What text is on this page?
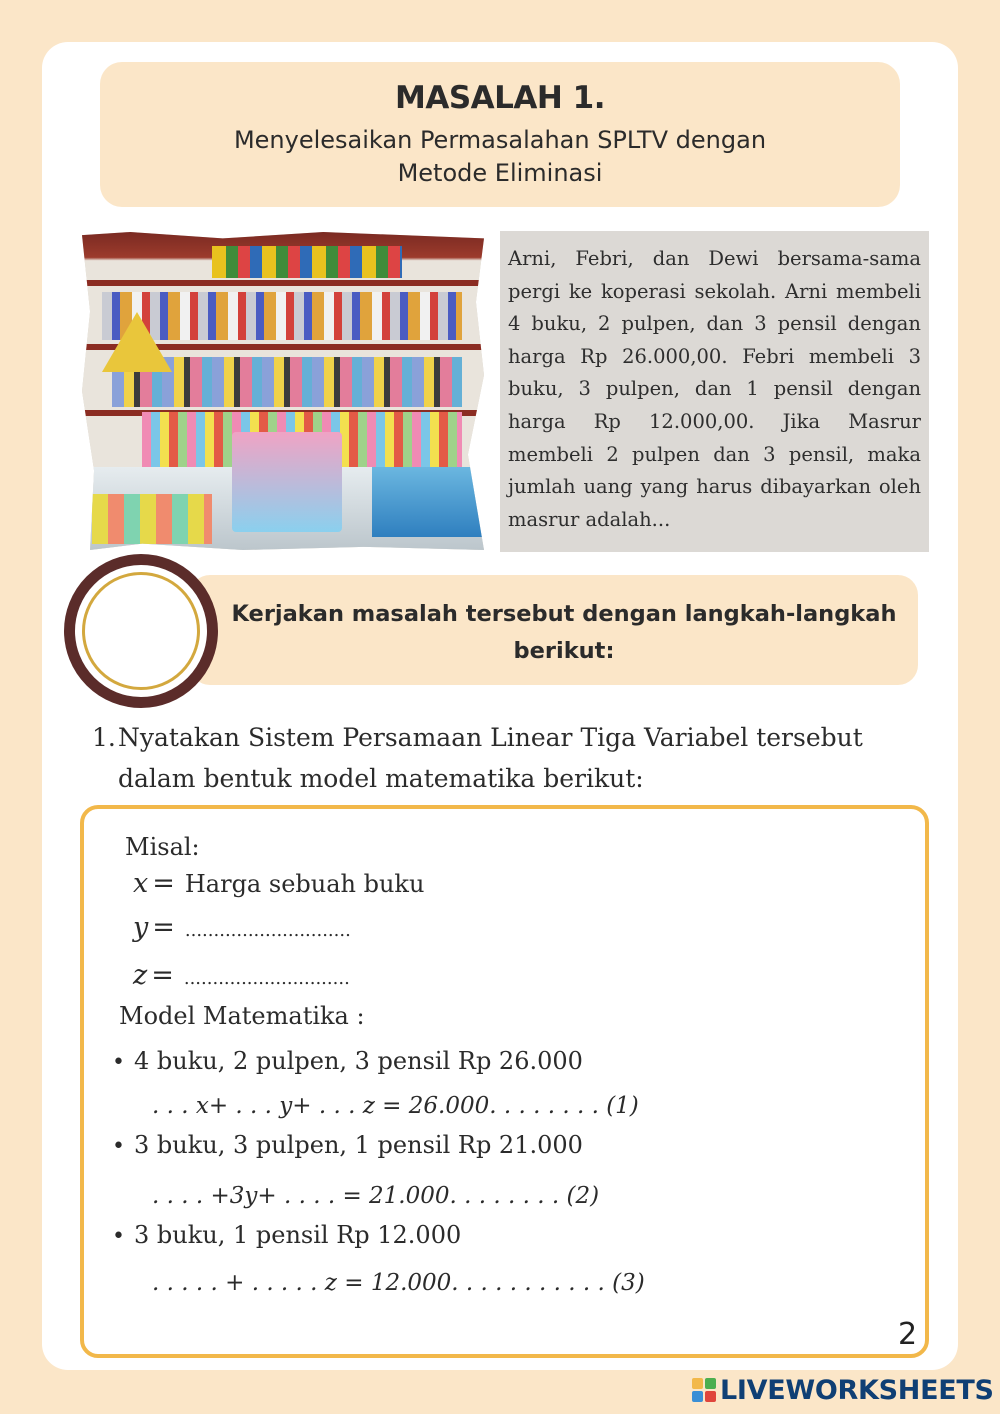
MASALAH 1.
Menyelesaikan Permasalahan SPLTV dengan Metode Eliminasi
Arni, Febri, dan Dewi bersama-sama pergi ke koperasi sekolah. Arni membeli 4 buku, 2 pulpen, dan 3 pensil dengan harga Rp 26.000,00. Febri membeli 3 buku, 3 pulpen, dan 1 pensil dengan harga Rp 12.000,00. Jika Masrur membeli 2 pulpen dan 3 pensil, maka jumlah uang yang harus dibayarkan oleh masrur adalah...
Kerjakan masalah tersebut dengan langkah-langkah berikut:
1. Nyatakan Sistem Persamaan Linear Tiga Variabel tersebut dalam bentuk model matematika berikut:
Misal:
x = Harga sebuah buku
y = .............................
z = .............................
Model Matematika :
• 4 buku, 2 pulpen, 3 pensil Rp 26.000
. . . x+ . . . y+ . . . z = 26.000. . . . . . . . (1)
• 3 buku, 3 pulpen, 1 pensil Rp 21.000
. . . . +3y+ . . . . = 21.000. . . . . . . . (2)
• 3 buku, 1 pensil Rp 12.000
. . . . . + . . . . . z = 12.000. . . . . . . . . . . (3)
2
LIVEWORKSHEETS
